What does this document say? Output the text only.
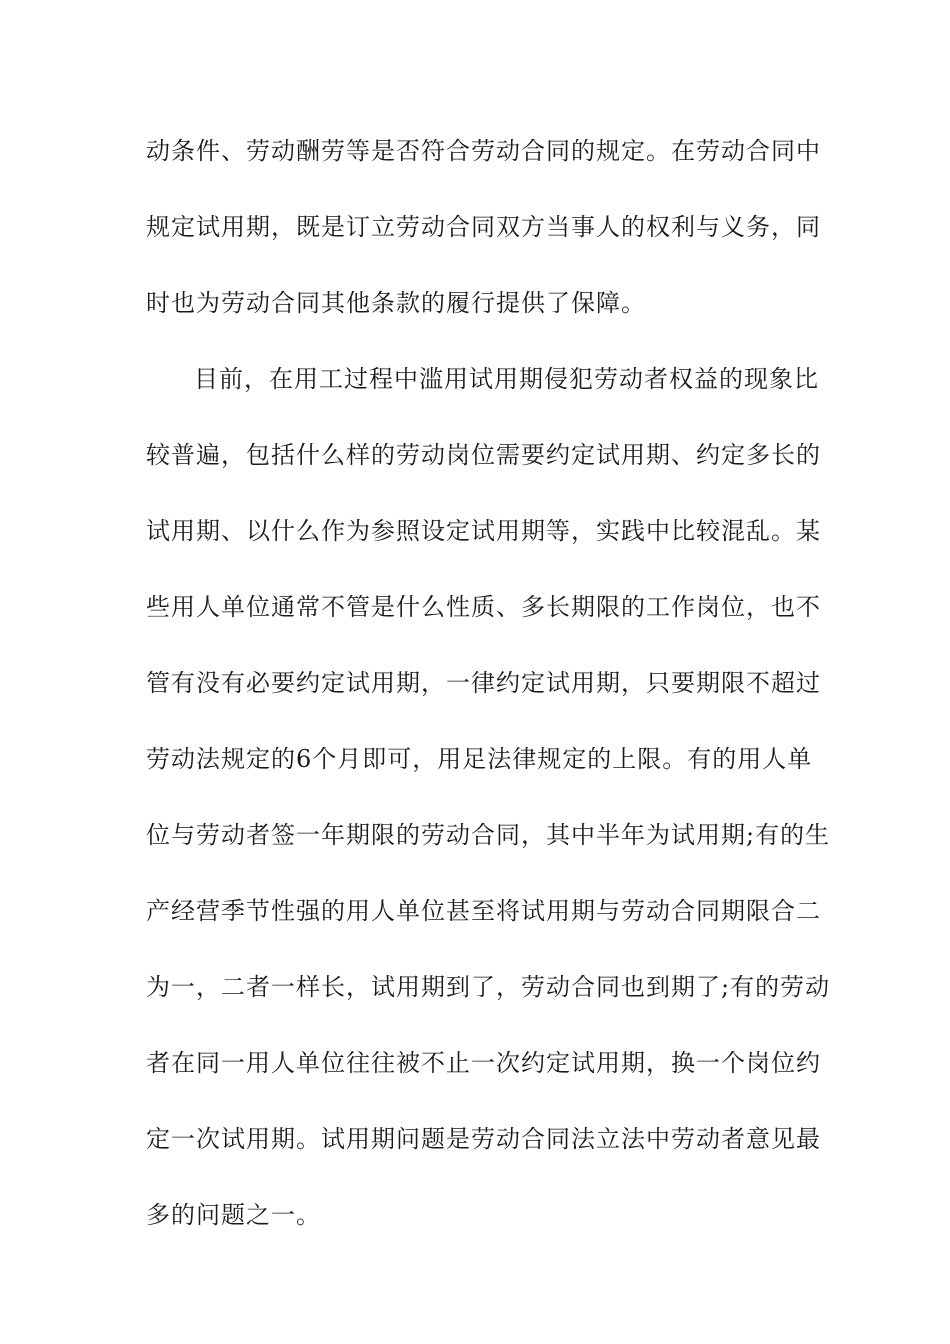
动条件、劳动酬劳等是否符合劳动合同的规定。在劳动合同中
规定试用期，既是订立劳动合同双方当事人的权利与义务，同
时也为劳动合同其他条款的履行提供了保障。
目前，在用工过程中滥用试用期侵犯劳动者权益的现象比
较普遍，包括什么样的劳动岗位需要约定试用期、约定多长的
试用期、以什么作为参照设定试用期等，实践中比较混乱。某
些用人单位通常不管是什么性质、多长期限的工作岗位，也不
管有没有必要约定试用期，一律约定试用期，只要期限不超过
劳动法规定的6个月即可，用足法律规定的上限。有的用人单
位与劳动者签一年期限的劳动合同，其中半年为试用期;有的生
产经营季节性强的用人单位甚至将试用期与劳动合同期限合二
为一，二者一样长，试用期到了，劳动合同也到期了;有的劳动
者在同一用人单位往往被不止一次约定试用期，换一个岗位约
定一次试用期。试用期问题是劳动合同法立法中劳动者意见最
多的问题之一。
